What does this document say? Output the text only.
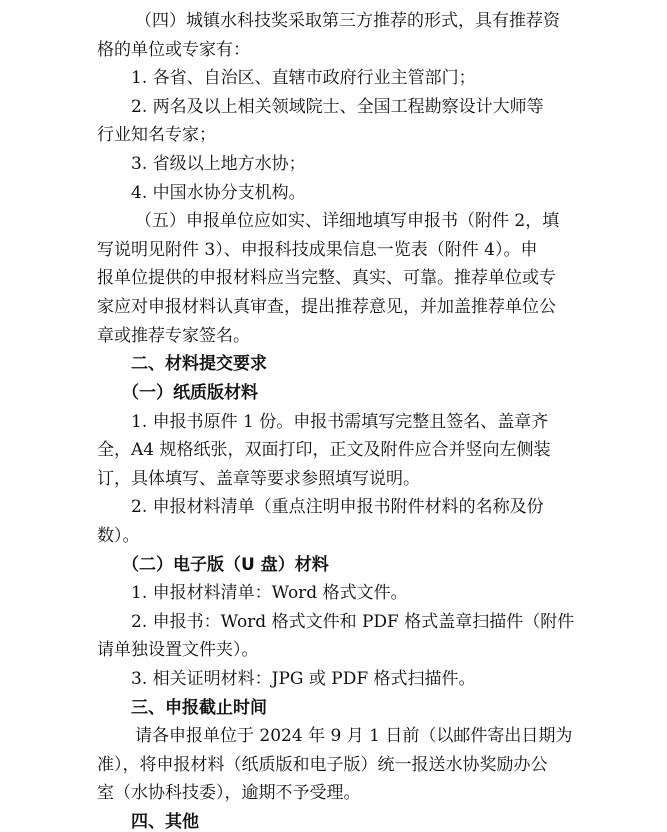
（四）城镇水科技奖采取第三方推荐的形式，具有推荐资
格的单位或专家有：
1. 各省、自治区、直辖市政府行业主管部门；
2. 两名及以上相关领域院士、全国工程勘察设计大师等
行业知名专家；
3. 省级以上地方水协；
4. 中国水协分支机构。
（五）申报单位应如实、详细地填写申报书（附件 2，填
写说明见附件 3）、申报科技成果信息一览表（附件 4）。申
报单位提供的申报材料应当完整、真实、可靠。推荐单位或专
家应对申报材料认真审查，提出推荐意见，并加盖推荐单位公
章或推荐专家签名。
二、材料提交要求
（一）纸质版材料
1. 申报书原件 1 份。申报书需填写完整且签名、盖章齐
全，A4 规格纸张，双面打印，正文及附件应合并竖向左侧装
订，具体填写、盖章等要求参照填写说明。
2. 申报材料清单（重点注明申报书附件材料的名称及份
数）。
（二）电子版（U 盘）材料
1. 申报材料清单：Word 格式文件。
2. 申报书：Word 格式文件和 PDF 格式盖章扫描件（附件
请单独设置文件夹）。
3. 相关证明材料：JPG 或 PDF 格式扫描件。
三、申报截止时间
请各申报单位于 2024 年 9 月 1 日前（以邮件寄出日期为
准），将申报材料（纸质版和电子版）统一报送水协奖励办公
室（水协科技委），逾期不予受理。
四、其他
